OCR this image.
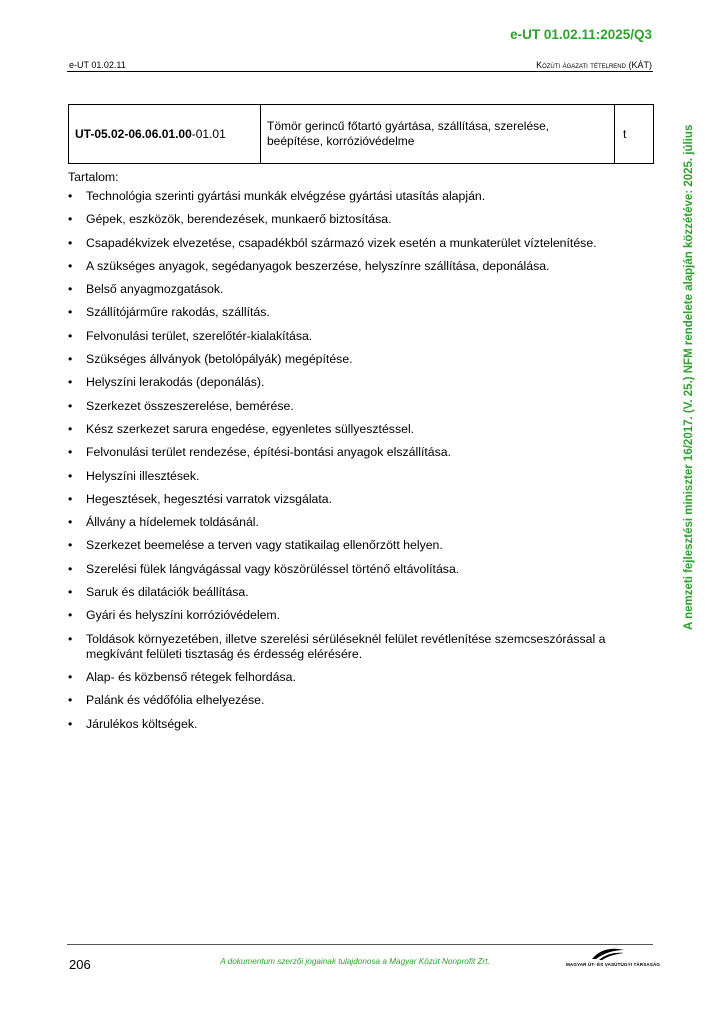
e-UT 01.02.11:2025/Q3
e-UT 01.02.11	Közúti ágazati tételrend (KÁT)
A nemzeti fejlesztési miniszter 16/2017. (V. 25.) NFM rendelete alapján közzétéve: 2025. július
UT-05.02-06.06.01.00-01.01	Tömör gerincű főtartó gyártása, szállítása, szerelése, beépítése, korrózióvédelme	t
Tartalom:
• Technológia szerinti gyártási munkák elvégzése gyártási utasítás alapján.
• Gépek, eszközök, berendezések, munkaerő biztosítása.
• Csapadékvizek elvezetése, csapadékból származó vizek esetén a munkaterület víztelenítése.
• A szükséges anyagok, segédanyagok beszerzése, helyszínre szállítása, deponálása.
• Belső anyagmozgatások.
• Szállítójárműre rakodás, szállítás.
• Felvonulási terület, szerelőtér-kialakítása.
• Szükséges állványok (betolópályák) megépítése.
• Helyszíni lerakodás (deponálás).
• Szerkezet összeszerelése, bemérése.
• Kész szerkezet sarura engedése, egyenletes süllyesztéssel.
• Felvonulási terület rendezése, építési-bontási anyagok elszállítása.
• Helyszíni illesztések.
• Hegesztések, hegesztési varratok vizsgálata.
• Állvány a hídelemek toldásánál.
• Szerkezet beemelése a terven vagy statikailag ellenőrzött helyen.
• Szerelési fülek lángvágással vagy köszörüléssel történő eltávolítása.
• Saruk és dilatációk beállítása.
• Gyári és helyszíni korrózióvédelem.
• Toldások környezetében, illetve szerelési sérüléseknél felület revétlenítése szemcseszórással a megkívánt felületi tisztaság és érdesség elérésére.
• Alap- és közbenső rétegek felhordása.
• Palánk és védőfólia elhelyezése.
• Járulékos költségek.
206	A dokumentum szerzői jogainak tulajdonosa a Magyar Közút Nonprofit Zrt.	MAGYAR ÚT- ÉS VASÚTÜGYI TÁRSASÁG
